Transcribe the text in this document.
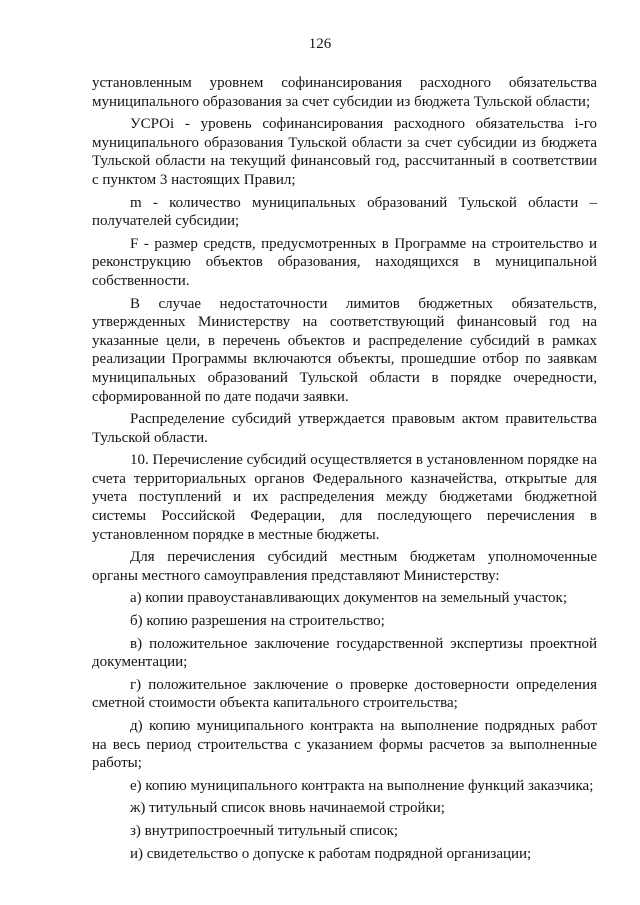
126

установленным уровнем софинансирования расходного обязательства муниципального образования за счет субсидии из бюджета Тульской области;

УСРОi - уровень софинансирования расходного обязательства i-го муниципального образования Тульской области за счет субсидии из бюджета Тульской области на текущий финансовый год, рассчитанный в соответствии с пунктом 3 настоящих Правил;

m - количество муниципальных образований Тульской области – получателей субсидии;

F - размер средств, предусмотренных в Программе на строительство и реконструкцию объектов образования, находящихся в муниципальной собственности.

В случае недостаточности лимитов бюджетных обязательств, утвержденных Министерству на соответствующий финансовый год на указанные цели, в перечень объектов и распределение субсидий в рамках реализации Программы включаются объекты, прошедшие отбор по заявкам муниципальных образований Тульской области в порядке очередности, сформированной по дате подачи заявки.

Распределение субсидий утверждается правовым актом правительства Тульской области.

10. Перечисление субсидий осуществляется в установленном порядке на счета территориальных органов Федерального казначейства, открытые для учета поступлений и их распределения между бюджетами бюджетной системы Российской Федерации, для последующего перечисления в установленном порядке в местные бюджеты.

Для перечисления субсидий местным бюджетам уполномоченные органы местного самоуправления представляют Министерству:

а) копии правоустанавливающих документов на земельный участок;

б) копию разрешения на строительство;

в) положительное заключение государственной экспертизы проектной документации;

г) положительное заключение о проверке достоверности определения сметной стоимости объекта капитального строительства;

д) копию муниципального контракта на выполнение подрядных работ на весь период строительства с указанием формы расчетов за выполненные работы;

е) копию муниципального контракта на выполнение функций заказчика;

ж) титульный список вновь начинаемой стройки;

з) внутрипостроечный титульный список;

и) свидетельство о допуске к работам подрядной организации;
